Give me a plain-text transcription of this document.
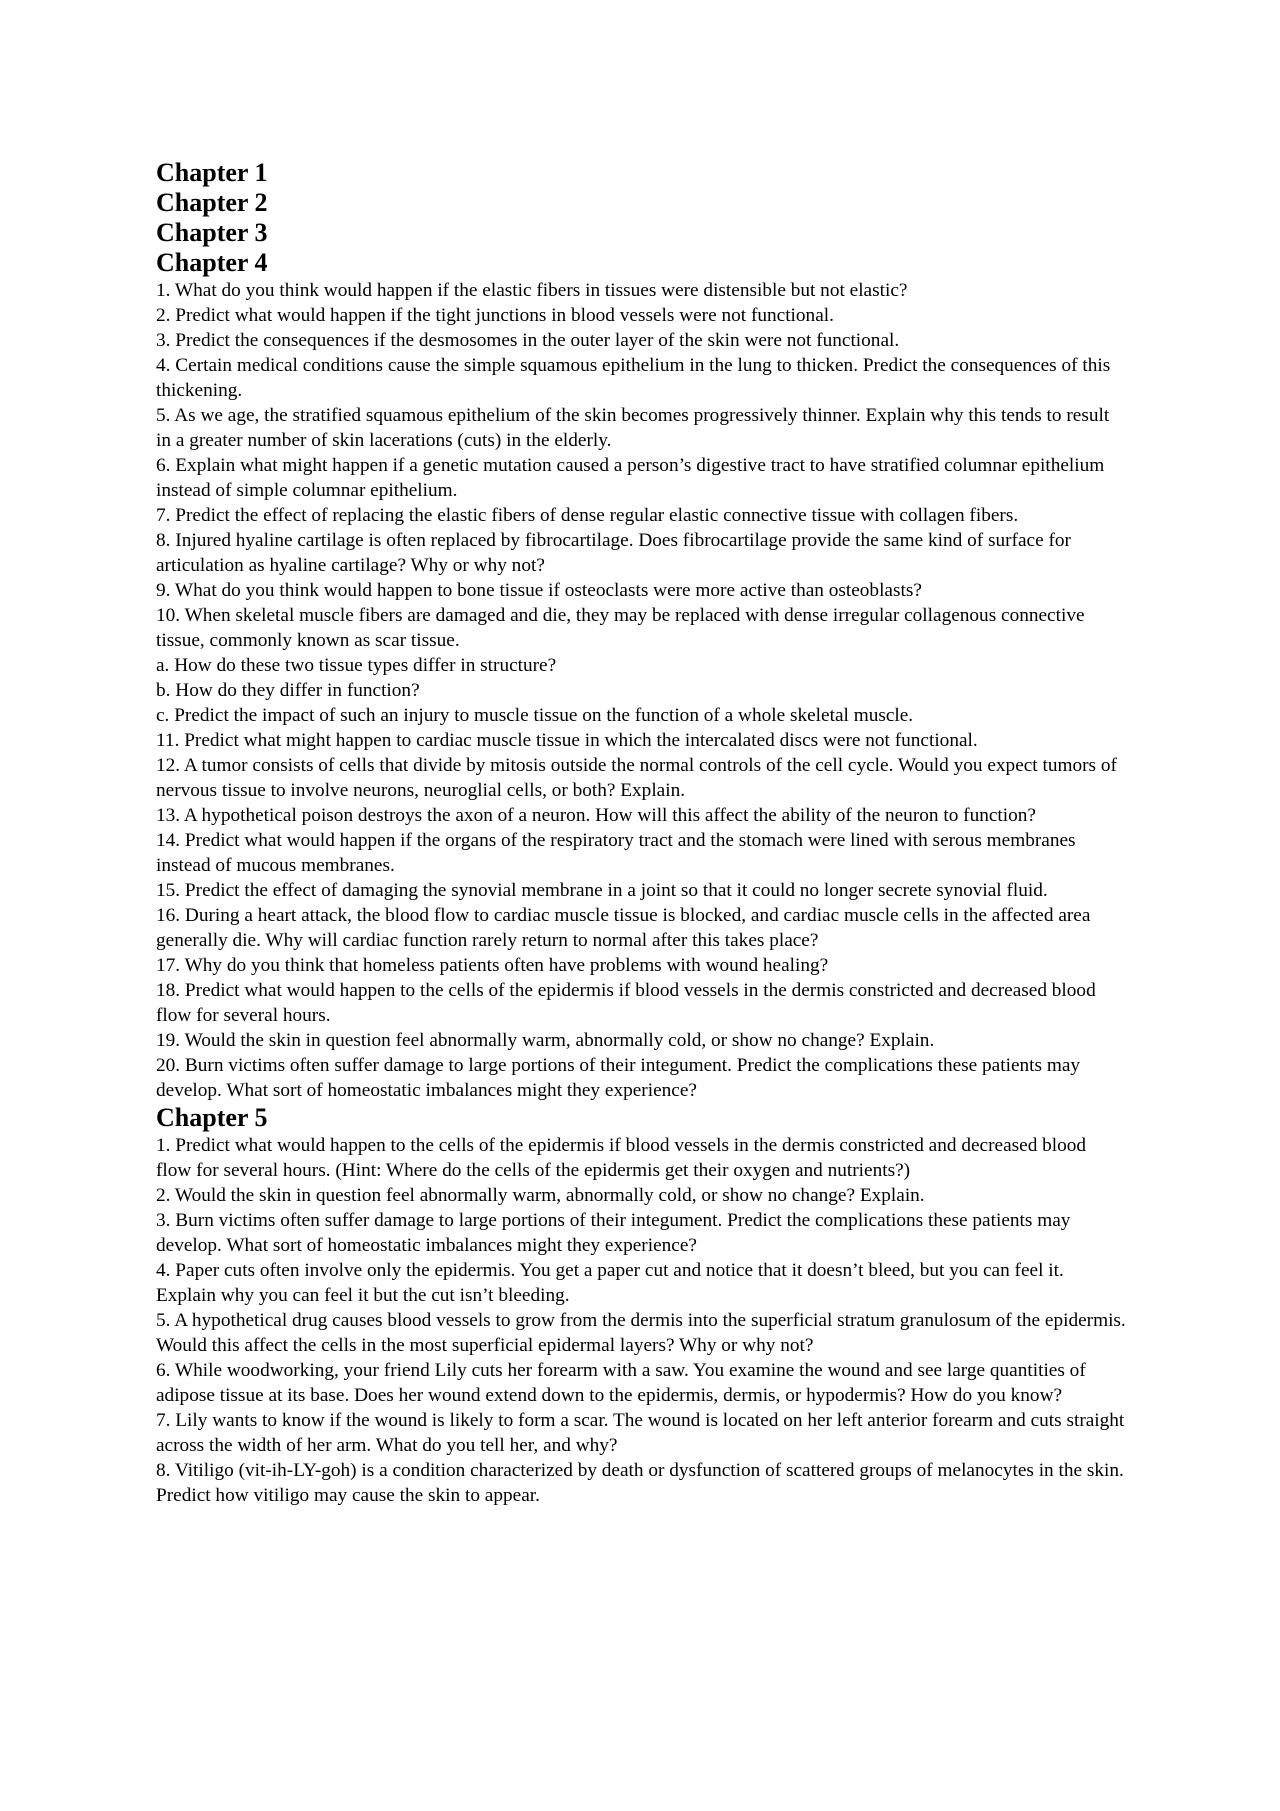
Chapter 1
Chapter 2
Chapter 3
Chapter 4

1. What do you think would happen if the elastic fibers in tissues were distensible but not elastic?

2. Predict what would happen if the tight junctions in blood vessels were not functional.

3. Predict the consequences if the desmosomes in the outer layer of the skin were not functional.

4. Certain medical conditions cause the simple squamous epithelium in the lung to thicken. Predict the consequences of this thickening.

5. As we age, the stratified squamous epithelium of the skin becomes progressively thinner. Explain why this tends to result in a greater number of skin lacerations (cuts) in the elderly.

6. Explain what might happen if a genetic mutation caused a person’s digestive tract to have stratified columnar epithelium instead of simple columnar epithelium.

7. Predict the effect of replacing the elastic fibers of dense regular elastic connective tissue with collagen fibers.

8. Injured hyaline cartilage is often replaced by fibrocartilage. Does fibrocartilage provide the same kind of surface for articulation as hyaline cartilage? Why or why not?

9. What do you think would happen to bone tissue if osteoclasts were more active than osteoblasts?

10. When skeletal muscle fibers are damaged and die, they may be replaced with dense irregular collagenous connective tissue, commonly known as scar tissue.

a. How do these two tissue types differ in structure?

b. How do they differ in function?

c. Predict the impact of such an injury to muscle tissue on the function of a whole skeletal muscle.

11. Predict what might happen to cardiac muscle tissue in which the intercalated discs were not functional.

12. A tumor consists of cells that divide by mitosis outside the normal controls of the cell cycle. Would you expect tumors of nervous tissue to involve neurons, neuroglial cells, or both? Explain.

13. A hypothetical poison destroys the axon of a neuron. How will this affect the ability of the neuron to function?

14. Predict what would happen if the organs of the respiratory tract and the stomach were lined with serous membranes instead of mucous membranes.

15. Predict the effect of damaging the synovial membrane in a joint so that it could no longer secrete synovial fluid.

16. During a heart attack, the blood flow to cardiac muscle tissue is blocked, and cardiac muscle cells in the affected area generally die. Why will cardiac function rarely return to normal after this takes place?

17. Why do you think that homeless patients often have problems with wound healing?

18. Predict what would happen to the cells of the epidermis if blood vessels in the dermis constricted and decreased blood flow for several hours.

19. Would the skin in question feel abnormally warm, abnormally cold, or show no change? Explain.

20. Burn victims often suffer damage to large portions of their integument. Predict the complications these patients may develop. What sort of homeostatic imbalances might they experience?

Chapter 5

1. Predict what would happen to the cells of the epidermis if blood vessels in the dermis constricted and decreased blood flow for several hours. (Hint: Where do the cells of the epidermis get their oxygen and nutrients?)

2. Would the skin in question feel abnormally warm, abnormally cold, or show no change? Explain.

3. Burn victims often suffer damage to large portions of their integument. Predict the complications these patients may develop. What sort of homeostatic imbalances might they experience?

4. Paper cuts often involve only the epidermis. You get a paper cut and notice that it doesn’t bleed, but you can feel it. Explain why you can feel it but the cut isn’t bleeding.

5. A hypothetical drug causes blood vessels to grow from the dermis into the superficial stratum granulosum of the epidermis. Would this affect the cells in the most superficial epidermal layers? Why or why not?

6. While woodworking, your friend Lily cuts her forearm with a saw. You examine the wound and see large quantities of adipose tissue at its base. Does her wound extend down to the epidermis, dermis, or hypodermis? How do you know?

7. Lily wants to know if the wound is likely to form a scar. The wound is located on her left anterior forearm and cuts straight across the width of her arm. What do you tell her, and why?

8. Vitiligo (vit-ih-LY-goh) is a condition characterized by death or dysfunction of scattered groups of melanocytes in the skin. Predict how vitiligo may cause the skin to appear.
